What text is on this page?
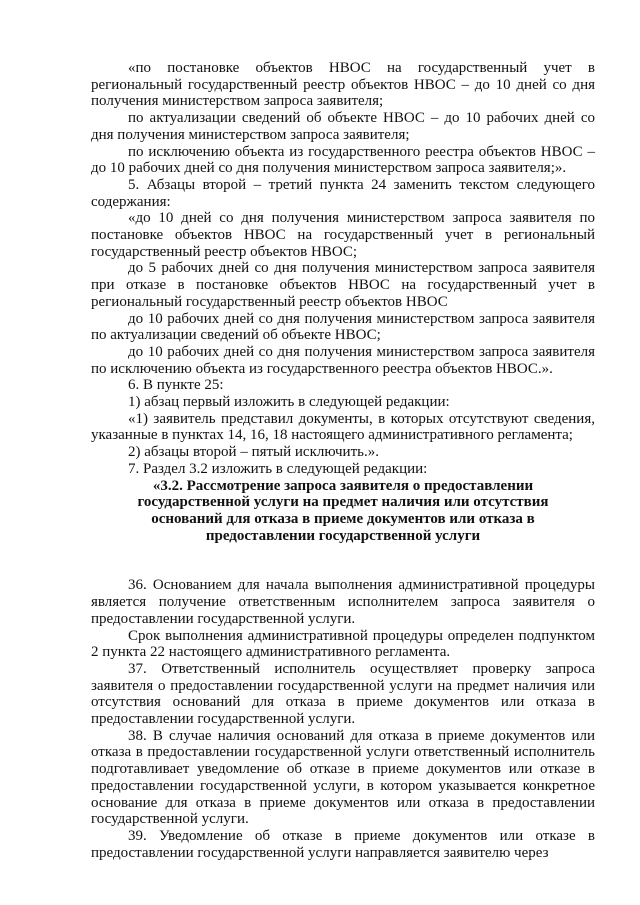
«по постановке объектов НВОС на государственный учет в региональный государственный реестр объектов НВОС – до 10 дней со дня получения министерством запроса заявителя;

по актуализации сведений об объекте НВОС – до 10 рабочих дней со дня получения министерством запроса заявителя;

по исключению объекта из государственного реестра объектов НВОС – до 10 рабочих дней со дня получения министерством запроса заявителя;».

5. Абзацы второй – третий пункта 24 заменить текстом следующего содержания:

«до 10 дней со дня получения министерством запроса заявителя по постановке объектов НВОС на государственный учет в региональный государственный реестр объектов НВОС;

до 5 рабочих дней со дня получения министерством запроса заявителя при отказе в постановке объектов НВОС на государственный учет в региональный государственный реестр объектов НВОС

до 10 рабочих дней со дня получения министерством запроса заявителя по актуализации сведений об объекте НВОС;

до 10 рабочих дней со дня получения министерством запроса заявителя по исключению объекта из государственного реестра объектов НВОС.».

6. В пункте 25:

1) абзац первый изложить в следующей редакции:

«1) заявитель представил документы, в которых отсутствуют сведения, указанные в пунктах 14, 16, 18 настоящего административного регламента;

2) абзацы второй – пятый исключить.».

7. Раздел 3.2 изложить в следующей редакции:

«3.2. Рассмотрение запроса заявителя о предоставлении государственной услуги на предмет наличия или отсутствия оснований для отказа в приеме документов или отказа в предоставлении государственной услуги

36. Основанием для начала выполнения административной процедуры является получение ответственным исполнителем запроса заявителя о предоставлении государственной услуги.

Срок выполнения административной процедуры определен подпунктом 2 пункта 22 настоящего административного регламента.

37. Ответственный исполнитель осуществляет проверку запроса заявителя о предоставлении государственной услуги на предмет наличия или отсутствия оснований для отказа в приеме документов или отказа в предоставлении государственной услуги.

38. В случае наличия оснований для отказа в приеме документов или отказа в предоставлении государственной услуги ответственный исполнитель подготавливает уведомление об отказе в приеме документов или отказе в предоставлении государственной услуги, в котором указывается конкретное основание для отказа в приеме документов или отказа в предоставлении государственной услуги.

39. Уведомление об отказе в приеме документов или отказе в предоставлении государственной услуги направляется заявителю через
